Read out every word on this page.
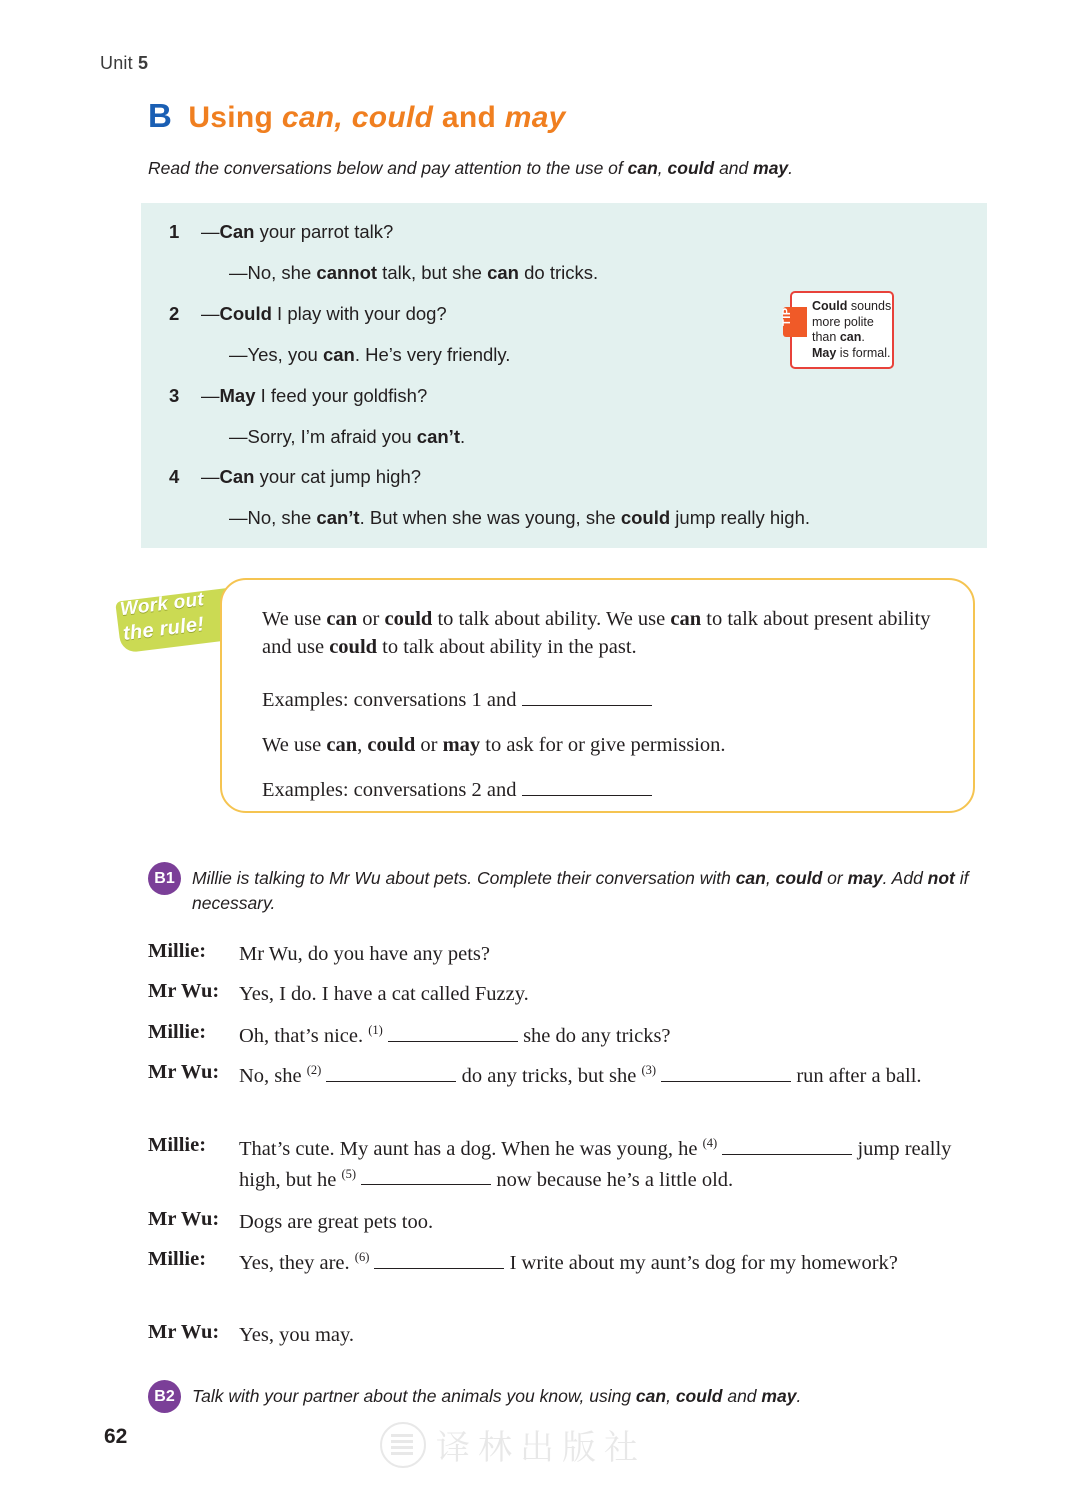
Unit 5
B Using can, could and may
Read the conversations below and pay attention to the use of can, could and may.
1 —Can your parrot talk?
—No, she cannot talk, but she can do tricks.
2 —Could I play with your dog?
—Yes, you can. He’s very friendly.
3 —May I feed your goldfish?
—Sorry, I’m afraid you can’t.
4 —Can your cat jump high?
—No, she can’t. But when she was young, she could jump really high.
TIP
Could sounds more polite than can. May is formal.
Work out
the rule!	We use can or could to talk about ability. We use can to talk about present ability and use could to talk about ability in the past.
Examples: conversations 1 and
We use can, could or may to ask for or give permission.
Examples: conversations 2 and
B1 Millie is talking to Mr Wu about pets. Complete their conversation with can, could or may. Add not if necessary.
Millie: Mr Wu, do you have any pets?
Mr Wu: Yes, I do. I have a cat called Fuzzy.
Millie: Oh, that’s nice. $^{(1)}$	she do any tricks?
Mr Wu: No, she $^{(2)}$	do any tricks, but she $^{(3)}$	run after a ball.
Millie: That’s cute. My aunt has a dog. When he was young, he $^{(4)}$	jump really high, but he $^{(5)}$	now because he’s a little old.
Mr Wu: Dogs are great pets too.
Millie: Yes, they are. $^{(6)}$	I write about my aunt’s dog for my homework?
Mr Wu: Yes, you may.
B2 Talk with your partner about the animals you know, using can, could and may.
62	译林出版社
